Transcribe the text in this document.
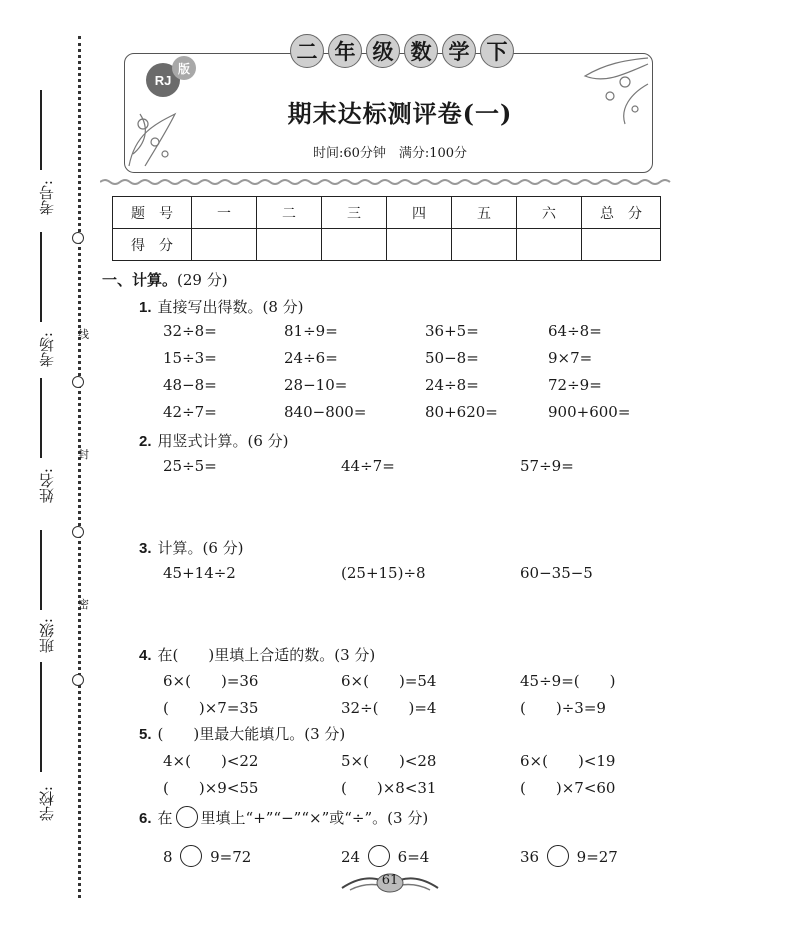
考号:
考场:
姓名:
班级:
学校:
线
封
密
二 年 级 数 学 下
RJ
版
期末达标测评卷(一)
时间:60分钟　满分:100分
题　号	一	二	三	四	五	六	总　分
得　分							
一、计算。(29 分)
1. 直接写出得数。(8 分)
32÷8=	81÷9=	36+5=	64÷8=
15÷3=	24÷6=	50−8=	9×7=
48−8=	28−10=	24÷8=	72÷9=
42÷7=	840−800=	80+620=	900+600=
2. 用竖式计算。(6 分)
25÷5=	44÷7=	57÷9=
3. 计算。(6 分)
45+14÷2	(25+15)÷8	60−35−5
4. 在( )里填上合适的数。(3 分)
6×(　　)=36	6×(　　)=54	45÷9=(　　)
(　　)×7=35	32÷(　　)=4	(　　)÷3=9
5. ( )里最大能填几。(3 分)
4×(　　)<22	5×(　　)<28	6×(　　)<19
(　　)×9<55	(　　)×8<31	(　　)×7<60
6. 在 里填上“+”“−”“×”或“÷”。(3 分)
8	9=72	24	6=4	36	9=27
61
